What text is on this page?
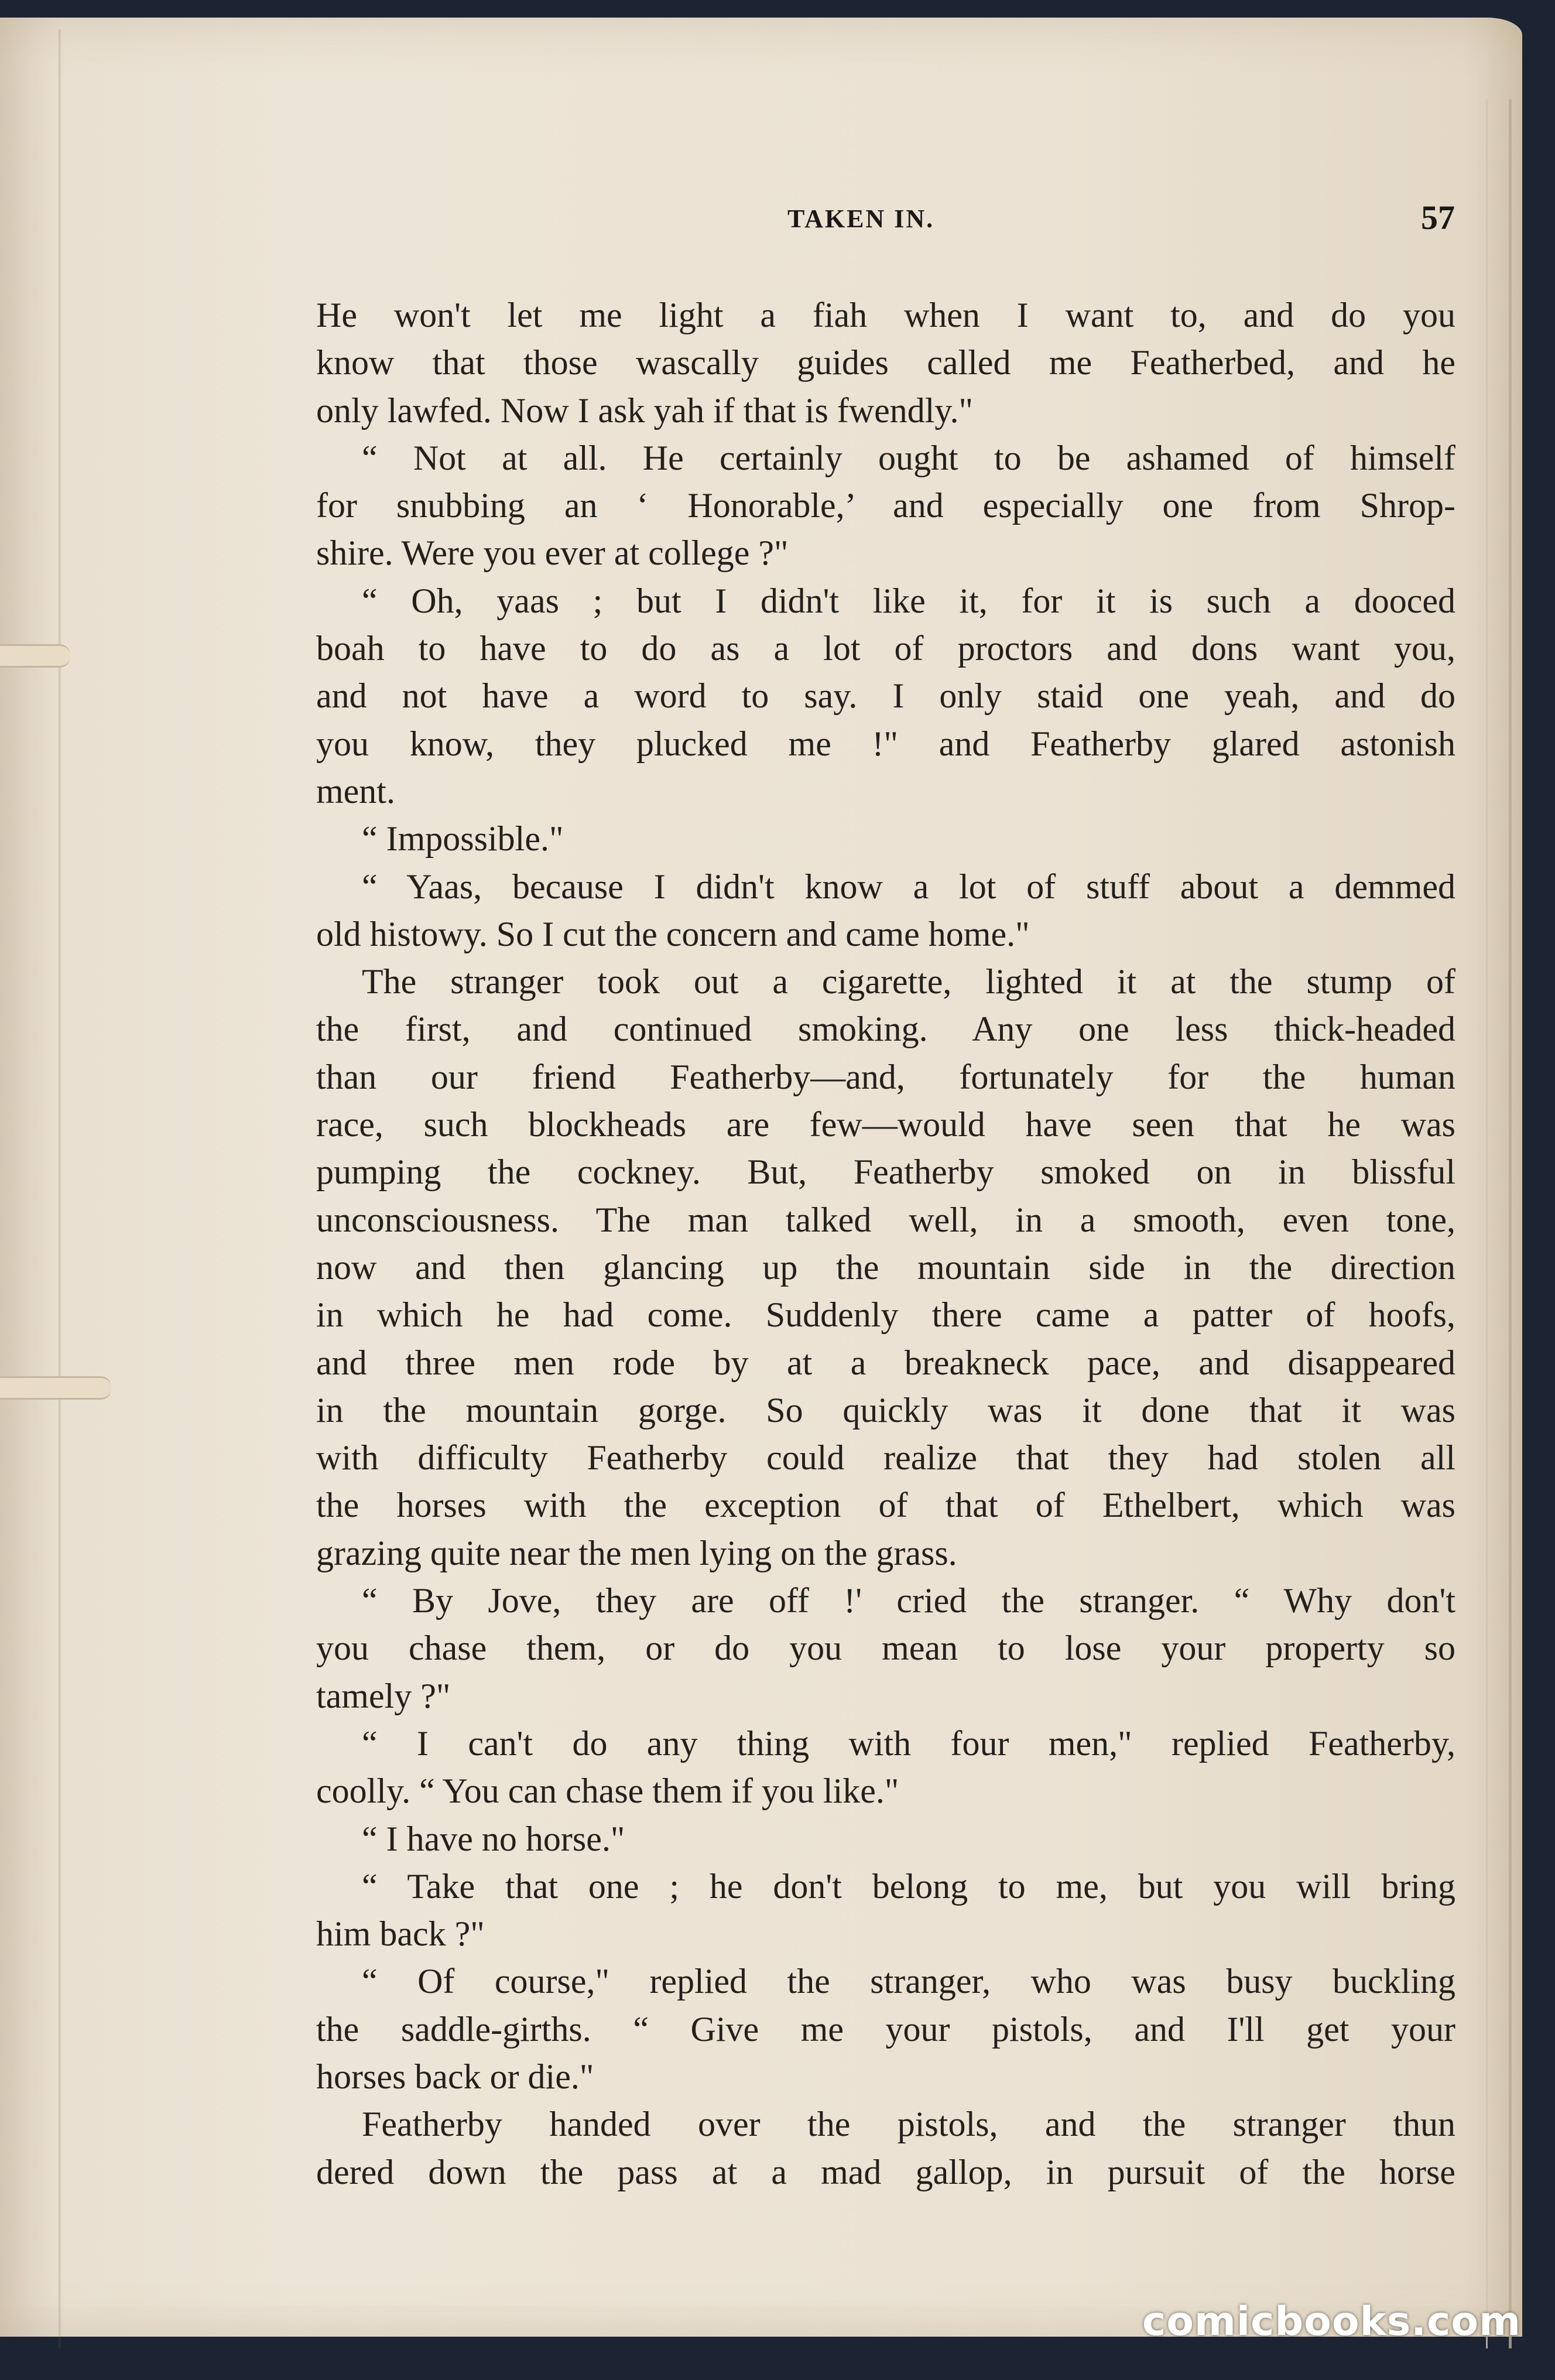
TAKEN IN.	57
He won't let me light a fiah when I want to, and do you
know that those wascally guides called me Featherbed, and he
only lawfed. Now I ask yah if that is fwendly."
“ Not at all. He certainly ought to be ashamed of himself
for snubbing an ‘ Honorable,’ and especially one from Shrop-
shire. Were you ever at college ?"
“ Oh, yaas ; but I didn't like it, for it is such a dooced
boah to have to do as a lot of proctors and dons want you,
and not have a word to say. I only staid one yeah, and do
you know, they plucked me !" and Featherby glared astonish
ment.
“ Impossible."
“ Yaas, because I didn't know a lot of stuff about a demmed
old histowy. So I cut the concern and came home."
The stranger took out a cigarette, lighted it at the stump of
the first, and continued smoking. Any one less thick-headed
than our friend Featherby—and, fortunately for the human
race, such blockheads are few—would have seen that he was
pumping the cockney. But, Featherby smoked on in blissful
unconsciousness. The man talked well, in a smooth, even tone,
now and then glancing up the mountain side in the direction
in which he had come. Suddenly there came a patter of hoofs,
and three men rode by at a breakneck pace, and disappeared
in the mountain gorge. So quickly was it done that it was
with difficulty Featherby could realize that they had stolen all
the horses with the exception of that of Ethelbert, which was
grazing quite near the men lying on the grass.
“ By Jove, they are off !' cried the stranger. “ Why don't
you chase them, or do you mean to lose your property so
tamely ?"
“ I can't do any thing with four men," replied Featherby,
coolly. “ You can chase them if you like."
“ I have no horse."
“ Take that one ; he don't belong to me, but you will bring
him back ?"
“ Of course," replied the stranger, who was busy buckling
the saddle-girths. “ Give me your pistols, and I'll get your
horses back or die."
Featherby handed over the pistols, and the stranger thun
dered down the pass at a mad gallop, in pursuit of the horse
comicbooks.com
